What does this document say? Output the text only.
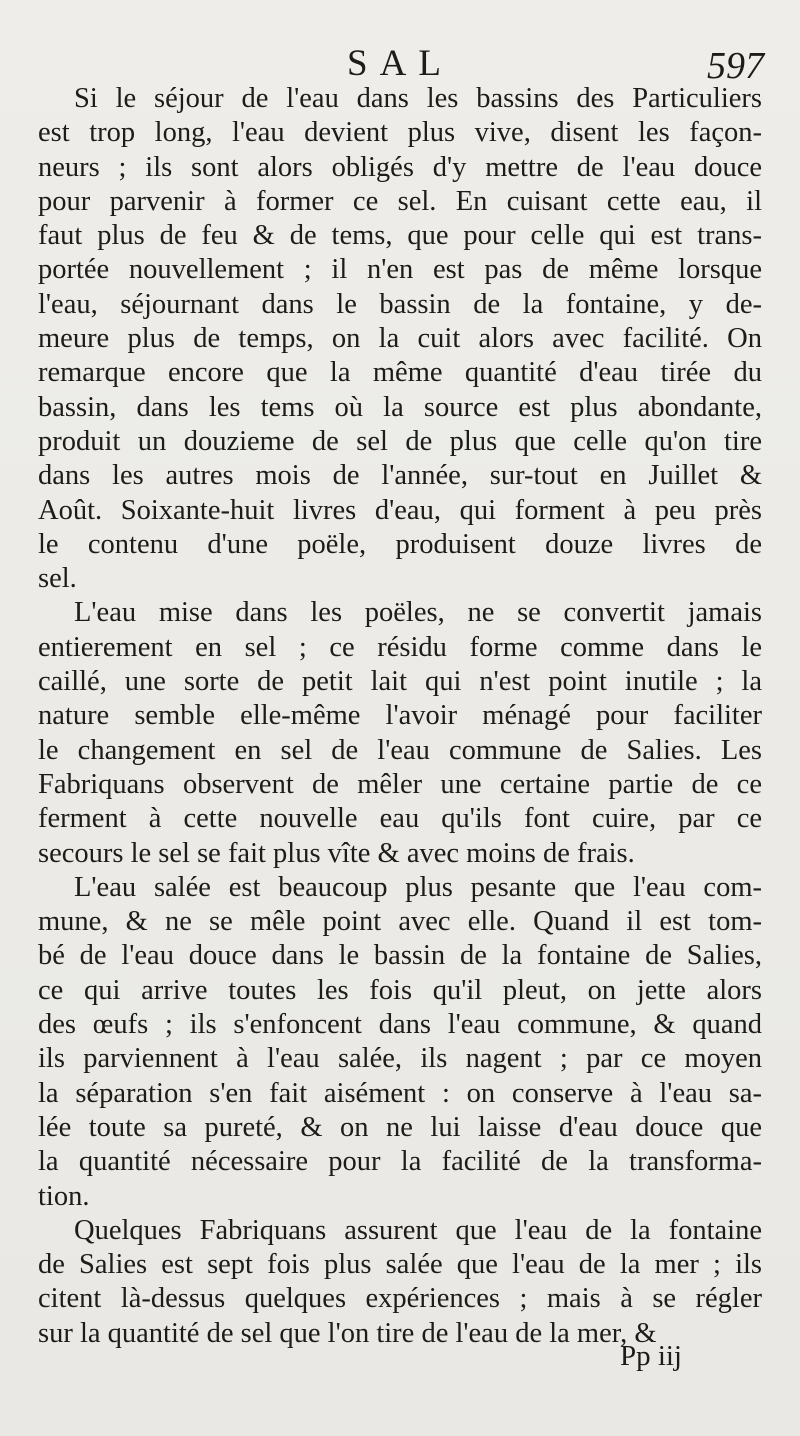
SAL	597
Si le séjour de l'eau dans les bassins des Particuliers
est trop long, l'eau devient plus vive, disent les façon-
neurs ; ils sont alors obligés d'y mettre de l'eau douce
pour parvenir à former ce sel. En cuisant cette eau, il
faut plus de feu & de tems, que pour celle qui est trans-
portée nouvellement ; il n'en est pas de même lorsque
l'eau, séjournant dans le bassin de la fontaine, y de-
meure plus de temps, on la cuit alors avec facilité. On
remarque encore que la même quantité d'eau tirée du
bassin, dans les tems où la source est plus abondante,
produit un douzieme de sel de plus que celle qu'on tire
dans les autres mois de l'année, sur-tout en Juillet &
Août. Soixante-huit livres d'eau, qui forment à peu près
le contenu d'une poële, produisent douze livres de
sel.
L'eau mise dans les poëles, ne se convertit jamais
entierement en sel ; ce résidu forme comme dans le
caillé, une sorte de petit lait qui n'est point inutile ; la
nature semble elle-même l'avoir ménagé pour faciliter
le changement en sel de l'eau commune de Salies. Les
Fabriquans observent de mêler une certaine partie de ce
ferment à cette nouvelle eau qu'ils font cuire, par ce
secours le sel se fait plus vîte & avec moins de frais.
L'eau salée est beaucoup plus pesante que l'eau com-
mune, & ne se mêle point avec elle. Quand il est tom-
bé de l'eau douce dans le bassin de la fontaine de Salies,
ce qui arrive toutes les fois qu'il pleut, on jette alors
des œufs ; ils s'enfoncent dans l'eau commune, & quand
ils parviennent à l'eau salée, ils nagent ; par ce moyen
la séparation s'en fait aisément : on conserve à l'eau sa-
lée toute sa pureté, & on ne lui laisse d'eau douce que
la quantité nécessaire pour la facilité de la transforma-
tion.
Quelques Fabriquans assurent que l'eau de la fontaine
de Salies est sept fois plus salée que l'eau de la mer ; ils
citent là-dessus quelques expériences ; mais à se régler
sur la quantité de sel que l'on tire de l'eau de la mer, &
Pp iij
